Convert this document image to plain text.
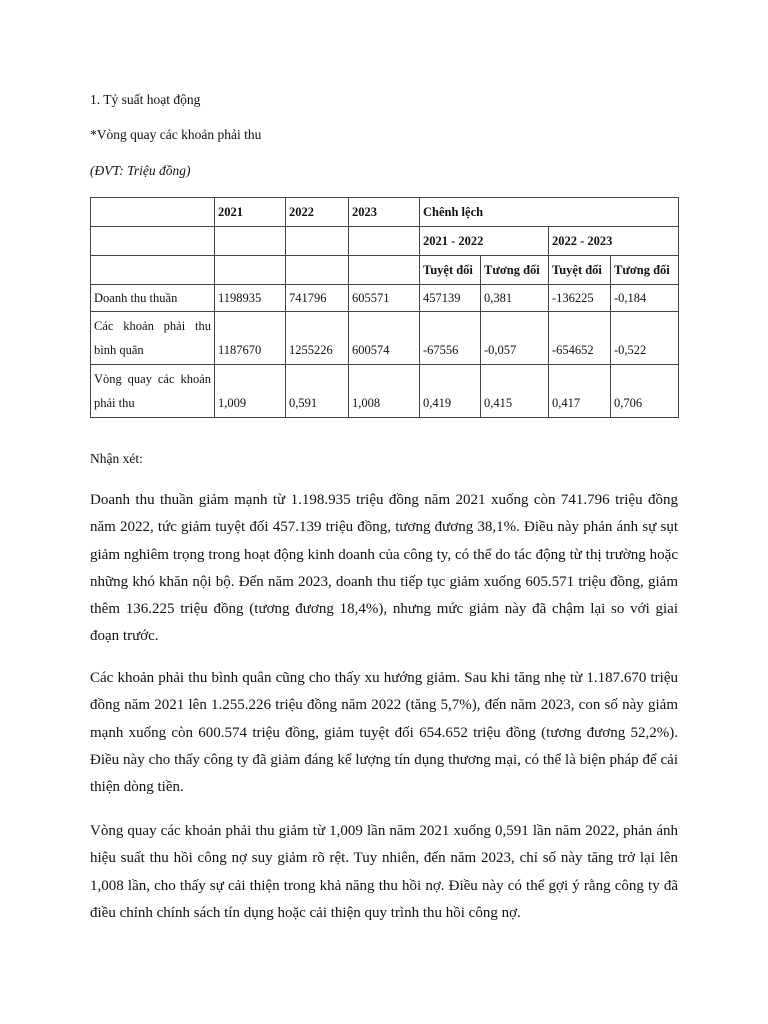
1. Tỷ suất hoạt động
*Vòng quay các khoản phải thu
(ĐVT: Triệu đồng)
	2021	2022	2023	Chênh lệch			
				2021 - 2022		2022 - 2023	
				Tuyệt đối	Tương đối	Tuyệt đối	Tương đối
Doanh thu thuần	1198935	741796	605571	457139	0,381	-136225	-0,184
Các khoản phải thu bình quân	1187670	1255226	600574	-67556	-0,057	-654652	-0,522
Vòng quay các khoản phải thu	1,009	0,591	1,008	0,419	0,415	0,417	0,706
Nhận xét:

Doanh thu thuần giảm mạnh từ 1.198.935 triệu đồng năm 2021 xuống còn 741.796 triệu đồng năm 2022, tức giảm tuyệt đối 457.139 triệu đồng, tương đương 38,1%. Điều này phản ánh sự sụt giảm nghiêm trọng trong hoạt động kinh doanh của công ty, có thể do tác động từ thị trường hoặc những khó khăn nội bộ. Đến năm 2023, doanh thu tiếp tục giảm xuống 605.571 triệu đồng, giảm thêm 136.225 triệu đồng (tương đương 18,4%), nhưng mức giảm này đã chậm lại so với giai đoạn trước.

Các khoản phải thu bình quân cũng cho thấy xu hướng giảm. Sau khi tăng nhẹ từ 1.187.670 triệu đồng năm 2021 lên 1.255.226 triệu đồng năm 2022 (tăng 5,7%), đến năm 2023, con số này giảm mạnh xuống còn 600.574 triệu đồng, giảm tuyệt đối 654.652 triệu đồng (tương đương 52,2%). Điều này cho thấy công ty đã giảm đáng kể lượng tín dụng thương mại, có thể là biện pháp để cải thiện dòng tiền.

Vòng quay các khoản phải thu giảm từ 1,009 lần năm 2021 xuống 0,591 lần năm 2022, phản ánh hiệu suất thu hồi công nợ suy giảm rõ rệt. Tuy nhiên, đến năm 2023, chỉ số này tăng trở lại lên 1,008 lần, cho thấy sự cải thiện trong khả năng thu hồi nợ. Điều này có thể gợi ý rằng công ty đã điều chỉnh chính sách tín dụng hoặc cải thiện quy trình thu hồi công nợ.
